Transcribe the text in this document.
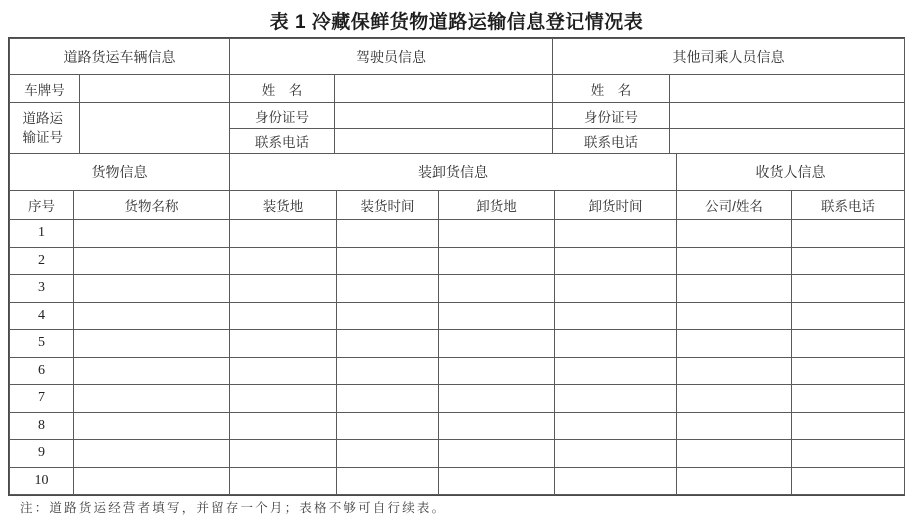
表 1 冷藏保鲜货物道路运输信息登记情况表
道路货运车辆信息		驾驶员信息		其他司乘人员信息	
车牌号		姓　名		姓　名	
道路运输证号		身份证号		身份证号	
		联系电话		联系电话	
货物信息		装卸货信息				收货人信息	
序号	货物名称	装货地	装货时间	卸货地	卸货时间	公司/姓名	联系电话
1							
2							
3							
4							
5							
6							
7							
8							
9							
10							
注：道路货运经营者填写，并留存一个月；表格不够可自行续表。
